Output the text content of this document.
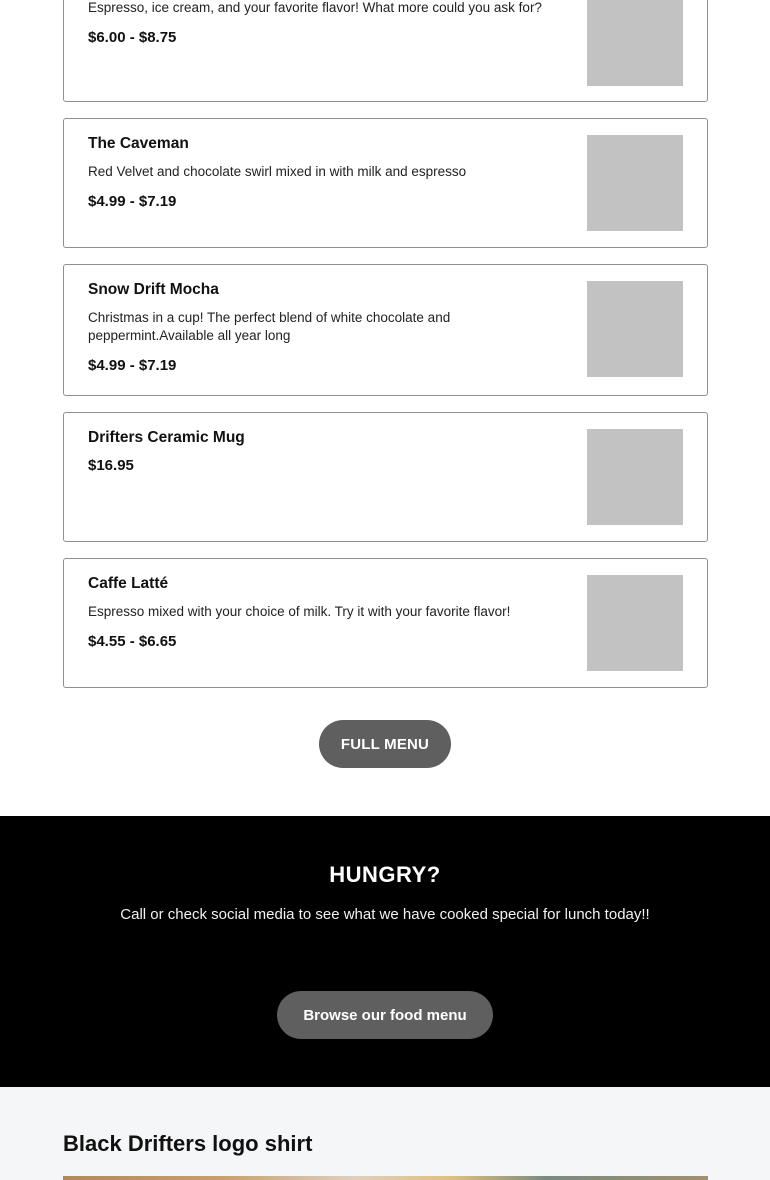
Espresso, ice cream, and your favorite flavor! What more could you ask for?
$6.00 - $8.75
The Caveman
Red Velvet and chocolate swirl mixed in with milk and espresso
$4.99 - $7.19
Snow Drift Mocha
Christmas in a cup! The perfect blend of white chocolate and peppermint.Available all year long
$4.99 - $7.19
Drifters Ceramic Mug
$16.95
Caffe Latté
Espresso mixed with your choice of milk. Try it with your favorite flavor!
$4.55 - $6.65
FULL MENU
HUNGRY?

Call or check social media to see what we have cooked special for lunch today!!

Browse our food menu
Black Drifters logo shirt
